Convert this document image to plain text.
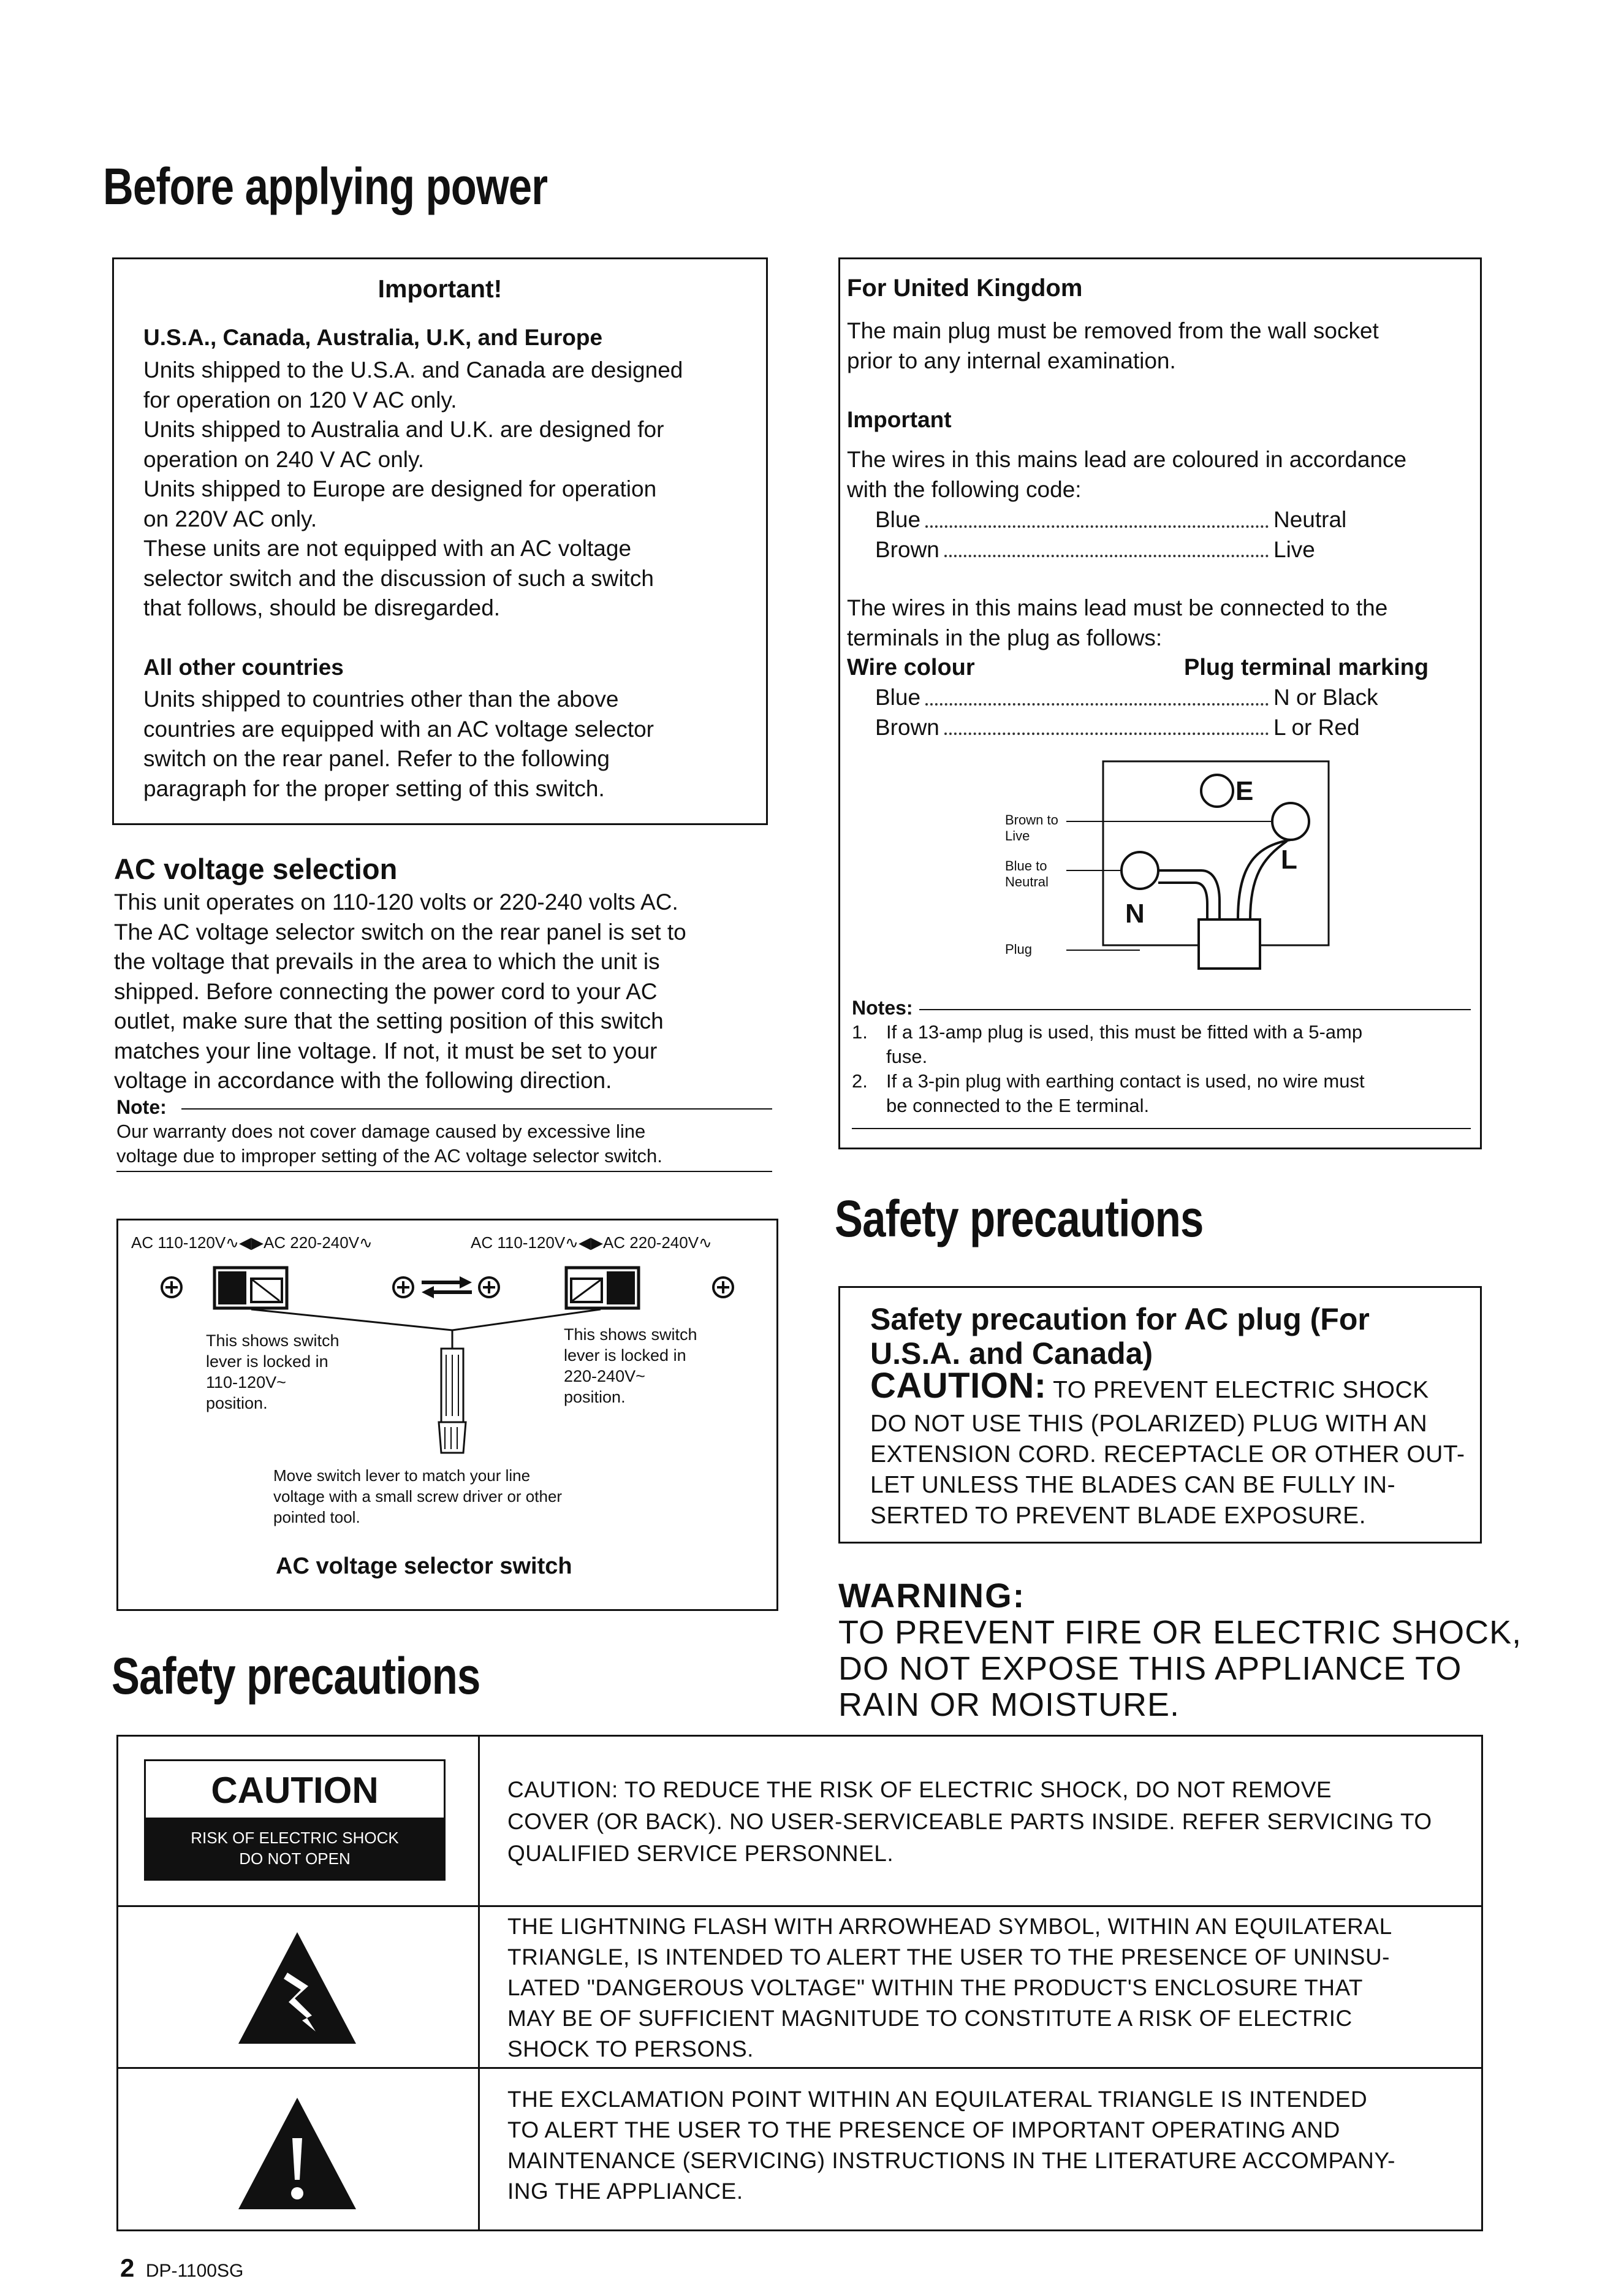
Before applying power
Important!
U.S.A., Canada, Australia, U.K, and Europe
Units shipped to the U.S.A. and Canada are designed
for operation on 120 V AC only.
Units shipped to Australia and U.K. are designed for
operation on 240 V AC only.
Units shipped to Europe are designed for operation
on 220V AC only.
These units are not equipped with an AC voltage
selector switch and the discussion of such a switch
that follows, should be disregarded.
All other countries
Units shipped to countries other than the above
countries are equipped with an AC voltage selector
switch on the rear panel. Refer to the following
paragraph for the proper setting of this switch.
AC voltage selection
This unit operates on 110-120 volts or 220-240 volts AC.
The AC voltage selector switch on the rear panel is set to
the voltage that prevails in the area to which the unit is
shipped. Before connecting the power cord to your AC
outlet, make sure that the setting position of this switch
matches your line voltage. If not, it must be set to your
voltage in accordance with the following direction.
Note:
Our warranty does not cover damage caused by excessive line
voltage due to improper setting of the AC voltage selector switch.
AC 110-120V∿◀▶AC 220-240V∿	AC 110-120V∿◀▶AC 220-240V∿
This shows switch
lever is locked in
110-120V~
position.
This shows switch
lever is locked in
220-240V~
position.
Move switch lever to match your line
voltage with a small screw driver or other
pointed tool.
AC voltage selector switch
Safety precautions
For United Kingdom
The main plug must be removed from the wall socket
prior to any internal examination.
Important
The wires in this mains lead are coloured in accordance
with the following code:
Blue	Neutral
Brown	Live
The wires in this mains lead must be connected to the
terminals in the plug as follows:
Wire colour	Plug terminal marking
Blue	N or Black
Brown	L or Red
Brown to
Live
Blue to
Neutral
Plug
E
L
N
Notes:
1. If a 13-amp plug is used, this must be fitted with a 5-amp
fuse.
2. If a 3-pin plug with earthing contact is used, no wire must
be connected to the E terminal.
Safety precautions
Safety precaution for AC plug (For
U.S.A. and Canada)
CAUTION: TO PREVENT ELECTRIC SHOCK
DO NOT USE THIS (POLARIZED) PLUG WITH AN
EXTENSION CORD. RECEPTACLE OR OTHER OUT-
LET UNLESS THE BLADES CAN BE FULLY IN-
SERTED TO PREVENT BLADE EXPOSURE.
WARNING:
TO PREVENT FIRE OR ELECTRIC SHOCK,
DO NOT EXPOSE THIS APPLIANCE TO
RAIN OR MOISTURE.
CAUTION
RISK OF ELECTRIC SHOCK
DO NOT OPEN
CAUTION: TO REDUCE THE RISK OF ELECTRIC SHOCK, DO NOT REMOVE
COVER (OR BACK). NO USER-SERVICEABLE PARTS INSIDE. REFER SERVICING TO
QUALIFIED SERVICE PERSONNEL.
THE LIGHTNING FLASH WITH ARROWHEAD SYMBOL, WITHIN AN EQUILATERAL
TRIANGLE, IS INTENDED TO ALERT THE USER TO THE PRESENCE OF UNINSU-
LATED "DANGEROUS VOLTAGE" WITHIN THE PRODUCT'S ENCLOSURE THAT
MAY BE OF SUFFICIENT MAGNITUDE TO CONSTITUTE A RISK OF ELECTRIC
SHOCK TO PERSONS.
THE EXCLAMATION POINT WITHIN AN EQUILATERAL TRIANGLE IS INTENDED
TO ALERT THE USER TO THE PRESENCE OF IMPORTANT OPERATING AND
MAINTENANCE (SERVICING) INSTRUCTIONS IN THE LITERATURE ACCOMPANY-
ING THE APPLIANCE.
2 DP-1100SG
